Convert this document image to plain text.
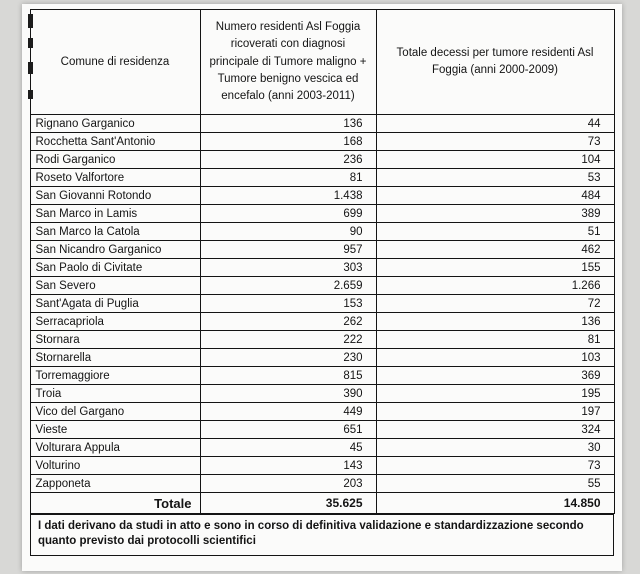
Comune di residenza	Numero residenti Asl Foggia ricoverati con diagnosi principale di Tumore maligno + Tumore benigno vescica ed encefalo (anni 2003-2011)	Totale decessi per tumore residenti Asl Foggia (anni 2000-2009)
Rignano Garganico	136	44
Rocchetta Sant'Antonio	168	73
Rodi Garganico	236	104
Roseto Valfortore	81	53
San Giovanni Rotondo	1.438	484
San Marco in Lamis	699	389
San Marco la Catola	90	51
San Nicandro Garganico	957	462
San Paolo di Civitate	303	155
San Severo	2.659	1.266
Sant'Agata di Puglia	153	72
Serracapriola	262	136
Stornara	222	81
Stornarella	230	103
Torremaggiore	815	369
Troia	390	195
Vico del Gargano	449	197
Vieste	651	324
Volturara Appula	45	30
Volturino	143	73
Zapponeta	203	55
Totale	35.625	14.850
I dati derivano da studi in atto e sono in corso di definitiva validazione e standardizzazione secondo quanto previsto dai protocolli scientifici
